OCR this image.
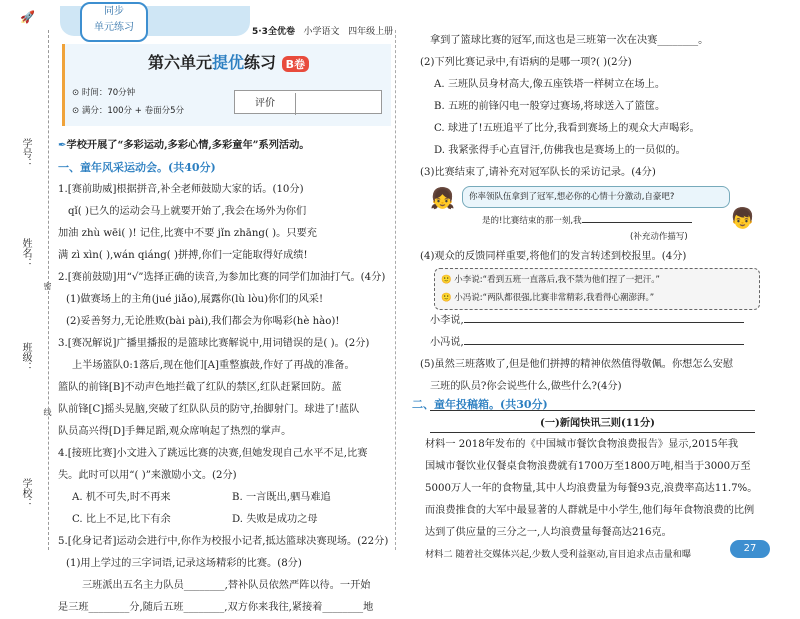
🚀
学号：
姓名：
班级：
学校：
密
线
同步
单元练习	5·3全优卷 小学语文 四年级上册
第六单元提优练习 B卷
⊙ 时间：70分钟
⊙ 满分：100分 + 卷面分5分
评价
✒学校开展了“多彩运动,多彩心情,多彩童年”系列活动。
一、童年风采运动会。(共40分)
1.[赛前助威]根据拼音,补全老师鼓励大家的话。(10分)
qǐ( )已久的运动会马上就要开始了,我会在场外为你们
加油 zhù wēi( )! 记住,比赛中不要 jǐn zhāng( )。只要充
满 zì xìn( ),wán qiáng( )拼搏,你们一定能取得好成绩!
2.[赛前鼓励]用“√”选择正确的读音,为参加比赛的同学们加油打气。(4分)
(1)做赛场上的主角(jué jiǎo),展露你(lù lòu)你们的风采!
(2)妥善努力,无论胜败(bài pài),我们都会为你喝彩(hè hào)!
3.[赛况解说]广播里播报的是篮球比赛解说中,用词错误的是( )。(2分)
上半场篮队0:1落后,现在他们[A]重整旗鼓,作好了再战的准备。
篮队的前锋[B]不动声色地拦截了红队的禁区,红队赶紧回防。蓝
队前锋[C]摇头晃脑,突破了红队队员的防守,抬脚射门。球进了!蓝队
队员高兴得[D]手舞足蹈,观众席响起了热烈的掌声。
4.[接班比赛]小文进入了跳远比赛的决赛,但她发现自己水平不足,比赛
失。此时可以用“( )”来激励小文。(2分)
A. 机不可失,时不再来	B. 一言既出,驷马难追
C. 比上不足,比下有余	D. 失败是成功之母
5.[化身记者]运动会进行中,你作为校报小记者,抵达篮球决赛现场。(22分)
(1)用上学过的三字词语,记录这场精彩的比赛。(8分)
三班派出五名主力队员________,替补队员依然严阵以待。一开始
是三班________分,随后五班________,双方你来我往,紧接着________地
拿到了篮球比赛的冠军,而这也是三班第一次在决赛________。
(2)下列比赛记录中,有语病的是哪一项?( )(2分)
A. 三班队员身材高大,像五座铁塔一样树立在场上。
B. 五班的前锋闪电一般穿过赛场,将球送入了篮筐。
C. 球进了!五班追平了比分,我看到赛场上的观众大声喝彩。
D. 我紧张得手心直冒汗,仿佛我也是赛场上的一员似的。
(3)比赛结束了,请补充对冠军队长的采访记录。(4分)
👧	你率领队伍拿到了冠军,想必你的心情十分激动,自豪吧?
是的!比赛结束的那一刻,我	👦
(补充动作描写)
(4)观众的反馈同样重要,将他们的发言转述到校报里。(4分)
🙂 小李说:“看到五班一直落后,我不禁为他们捏了一把汗。”
🙂 小冯说:“两队都很强,比赛非常精彩,我看得心潮澎湃。”
小李说,
小冯说,
(5)虽然三班落败了,但是他们拼搏的精神依然值得敬佩。你想怎么安慰
三班的队员?你会说些什么,做些什么?(4分)
二、童年投稿箱。(共30分)
(一)新闻快讯三则(11分)
材料一 2018年发布的《中国城市餐饮食物浪费报告》显示,2015年我
国城市餐饮业仅餐桌食物浪费就有1700万至1800万吨,相当于3000万至
5000万人一年的食物量,其中人均浪费量为每餐93克,浪费率高达11.7%。
而浪费推食的大军中最显著的人群就是中小学生,他们每年食物浪费的比例
达到了供应量的三分之一,人均浪费量每餐高达216克。
材料二 随着社交媒体兴起,少数人受利益驱动,盲目追求点击量和曝
27
